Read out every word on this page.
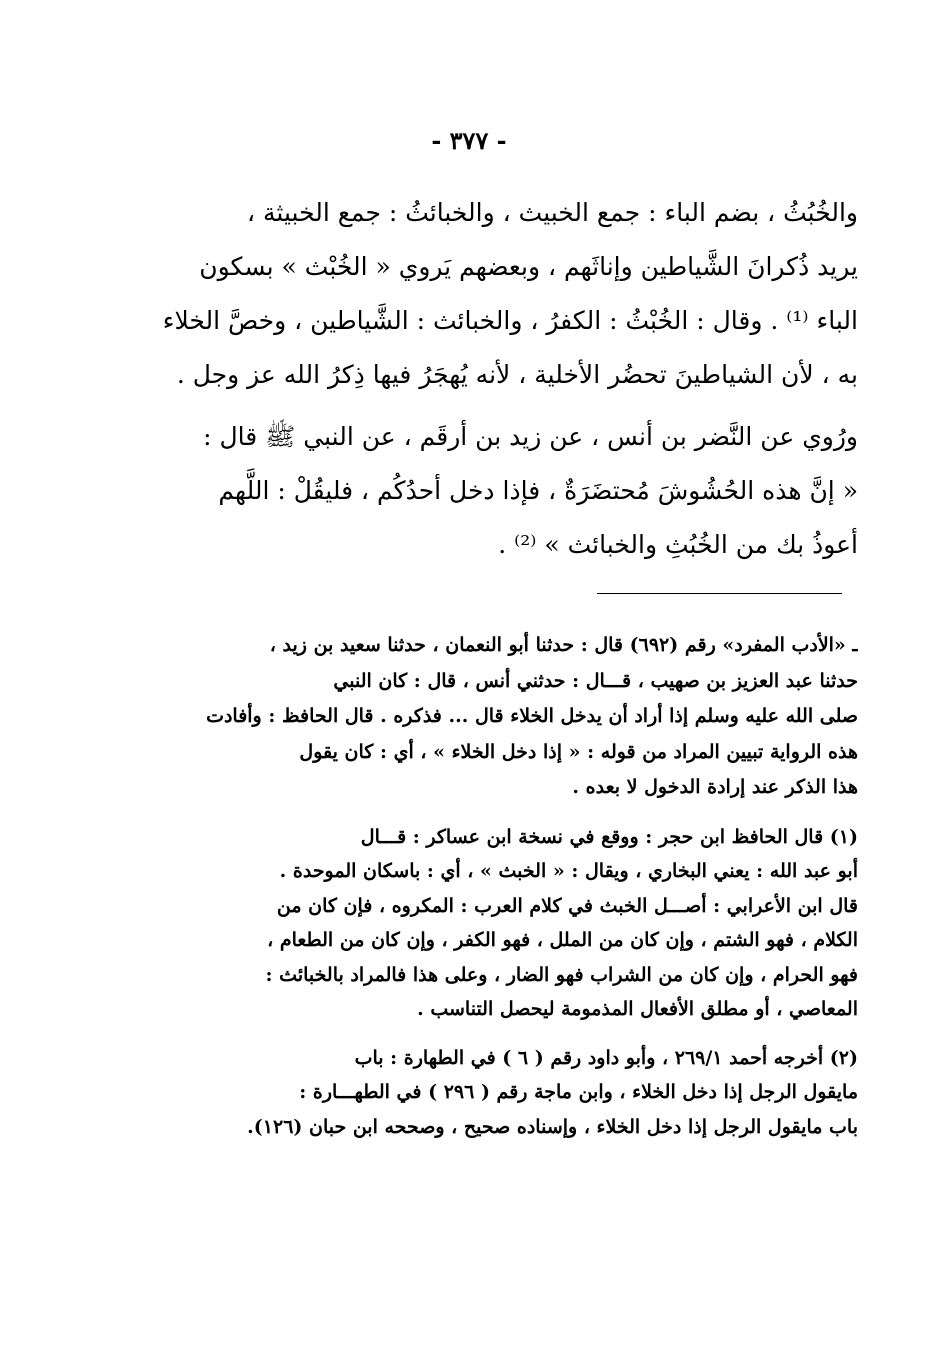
- ٣٧٧ -
والخُبُثُ ، بضم الباء : جمع الخبيث ، والخبائثُ : جمع الخبيثة ،
يريد ذُكرانَ الشَّياطين وإناثَهم ، وبعضهم يَروي « الخُبْث » بسكون
الباء ⁽¹⁾ . وقال : الخُبْثُ : الكفرُ ، والخبائث : الشَّياطين ، وخصَّ الخلاء
به ، لأن الشياطينَ تحضُر الأخلية ، لأنه يُهجَرُ فيها ذِكرُ الله عز وجل .
ورُوي عن النَّضر بن أنس ، عن زيد بن أرقَم ، عن النبي ﷺ قال :
« إنَّ هذه الحُشُوشَ مُحتضَرَةٌ ، فإذا دخل أحدُكُم ، فليقُلْ : اللَّهم
أعوذُ بك من الخُبُثِ والخبائث » ⁽²⁾ .
ـ «الأدب المفرد» رقم (٦٩٢) قال : حدثنا أبو النعمان ، حدثنا سعيد بن زيد ،
حدثنا عبد العزيز بن صهيب ، قـــال : حدثني أنس ، قال : كان النبي
صلى الله عليه وسلم إذا أراد أن يدخل الخلاء قال ... فذكره . قال الحافظ : وأفادت
هذه الرواية تبيين المراد من قوله : « إذا دخل الخلاء » ، أي : كان يقول
هذا الذكر عند إرادة الدخول لا بعده .
(١) قال الحافظ ابن حجر : ووقع في نسخة ابن عساكر : قـــال
أبو عبد الله : يعني البخاري ، ويقال : « الخبث » ، أي : باسكان الموحدة .
قال ابن الأعرابي : أصـــل الخبث في كلام العرب : المكروه ، فإن كان من
الكلام ، فهو الشتم ، وإن كان من الملل ، فهو الكفر ، وإن كان من الطعام ،
فهو الحرام ، وإن كان من الشراب فهو الضار ، وعلى هذا فالمراد بالخبائث :
المعاصي ، أو مطلق الأفعال المذمومة ليحصل التناسب .
(٢) أخرجه أحمد ٢٦٩/١ ، وأبو داود رقم ( ٦ ) في الطهارة : باب
مايقول الرجل إذا دخل الخلاء ، وابن ماجة رقم ( ٢٩٦ ) في الطهـــارة :
باب مايقول الرجل إذا دخل الخلاء ، وإسناده صحيح ، وصححه ابن حبان (١٢٦).
